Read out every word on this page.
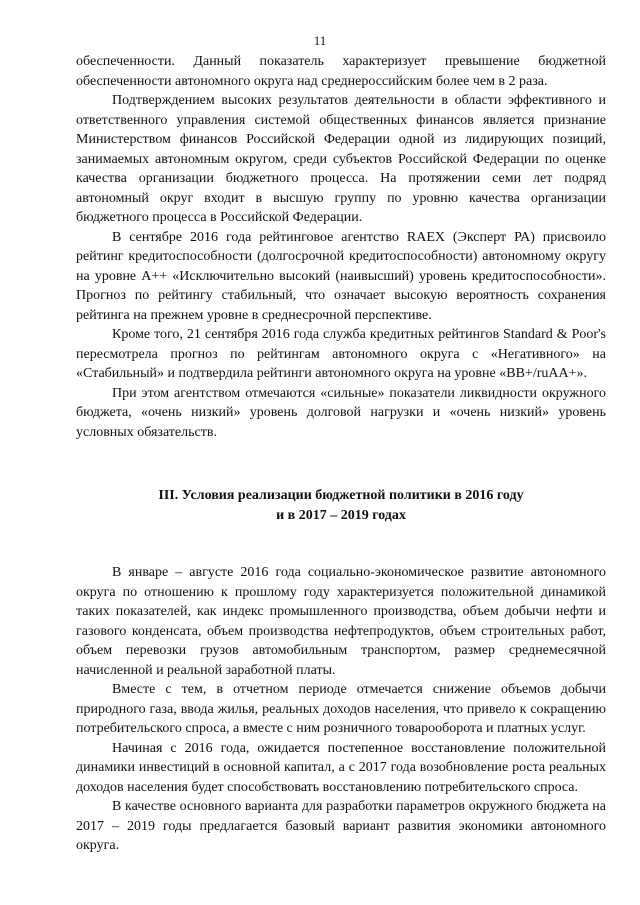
11

обеспеченности. Данный показатель характеризует превышение бюджетной обеспеченности автономного округа над среднероссийским более чем в 2 раза.

Подтверждением высоких результатов деятельности в области эффективного и ответственного управления системой общественных финансов является признание Министерством финансов Российской Федерации одной из лидирующих позиций, занимаемых автономным округом, среди субъектов Российской Федерации по оценке качества организации бюджетного процесса. На протяжении семи лет подряд автономный округ входит в высшую группу по уровню качества организации бюджетного процесса в Российской Федерации.

В сентябре 2016 года рейтинговое агентство RAEX (Эксперт РА) присвоило рейтинг кредитоспособности (долгосрочной кредитоспособности) автономному округу на уровне А++ «Исключительно высокий (наивысший) уровень кредитоспособности». Прогноз по рейтингу стабильный, что означает высокую вероятность сохранения рейтинга на прежнем уровне в среднесрочной перспективе.

Кроме того, 21 сентября 2016 года служба кредитных рейтингов Standard & Poor's пересмотрела прогноз по рейтингам автономного округа с «Негативного» на «Стабильный» и подтвердила рейтинги автономного округа на уровне «BB+/ruAA+».

При этом агентством отмечаются «сильные» показатели ликвидности окружного бюджета, «очень низкий» уровень долговой нагрузки и «очень низкий» уровень условных обязательств.

III. Условия реализации бюджетной политики в 2016 году
и в 2017 – 2019 годах

В январе – августе 2016 года социально-экономическое развитие автономного округа по отношению к прошлому году характеризуется положительной динамикой таких показателей, как индекс промышленного производства, объем добычи нефти и газового конденсата, объем производства нефтепродуктов, объем строительных работ, объем перевозки грузов автомобильным транспортом, размер среднемесячной начисленной и реальной заработной платы.

Вместе с тем, в отчетном периоде отмечается снижение объемов добычи природного газа, ввода жилья, реальных доходов населения, что привело к сокращению потребительского спроса, а вместе с ним розничного товарооборота и платных услуг.

Начиная с 2016 года, ожидается постепенное восстановление положительной динамики инвестиций в основной капитал, а с 2017 года возобновление роста реальных доходов населения будет способствовать восстановлению потребительского спроса.

В качестве основного варианта для разработки параметров окружного бюджета на 2017 – 2019 годы предлагается базовый вариант развития экономики автономного округа.
